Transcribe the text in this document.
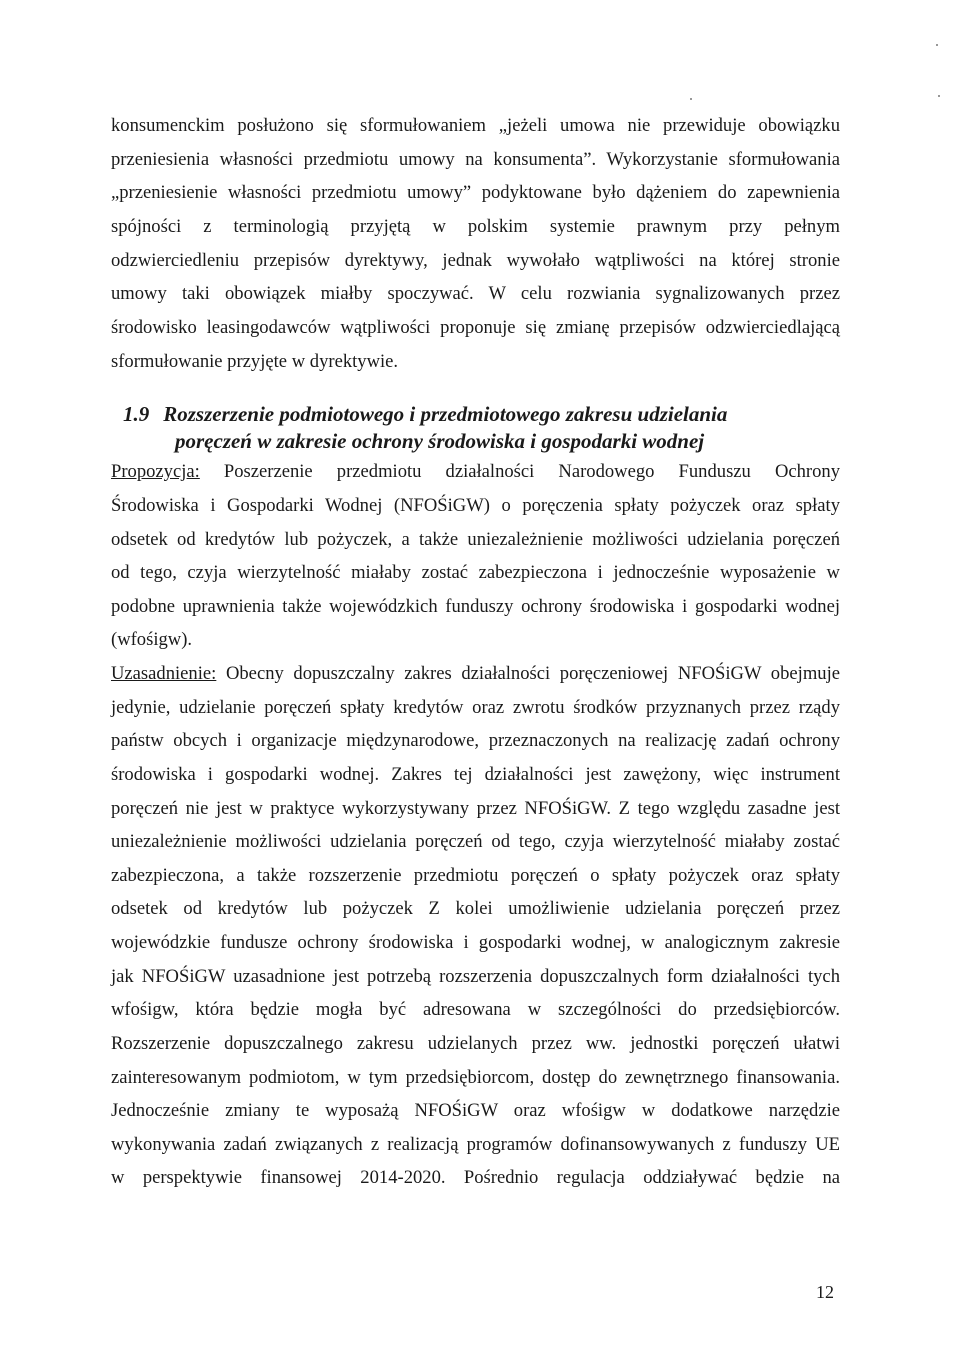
konsumenckim posłużono się sformułowaniem „jeżeli umowa nie przewiduje obowiązku
przeniesienia własności przedmiotu umowy na konsumenta”. Wykorzystanie sformułowania
„przeniesienie własności przedmiotu umowy” podyktowane było dążeniem do zapewnienia
spójności z terminologią przyjętą w polskim systemie prawnym przy pełnym
odzwierciedleniu przepisów dyrektywy, jednak wywołało wątpliwości na której stronie
umowy taki obowiązek miałby spoczywać. W celu rozwiania sygnalizowanych przez
środowisko leasingodawców wątpliwości proponuje się zmianę przepisów odzwierciedlającą
sformułowanie przyjęte w dyrektywie.
1.9 Rozszerzenie podmiotowego i przedmiotowego zakresu udzielania
poręczeń w zakresie ochrony środowiska i gospodarki wodnej
Propozycja: Poszerzenie przedmiotu działalności Narodowego Funduszu Ochrony
Środowiska i Gospodarki Wodnej (NFOŚiGW) o poręczenia spłaty pożyczek oraz spłaty
odsetek od kredytów lub pożyczek, a także uniezależnienie możliwości udzielania poręczeń
od tego, czyja wierzytelność miałaby zostać zabezpieczona i jednocześnie wyposażenie w
podobne uprawnienia także wojewódzkich funduszy ochrony środowiska i gospodarki wodnej
(wfośigw).
Uzasadnienie: Obecny dopuszczalny zakres działalności poręczeniowej NFOŚiGW obejmuje
jedynie, udzielanie poręczeń spłaty kredytów oraz zwrotu środków przyznanych przez rządy
państw obcych i organizacje międzynarodowe, przeznaczonych na realizację zadań ochrony
środowiska i gospodarki wodnej. Zakres tej działalności jest zawężony, więc instrument
poręczeń nie jest w praktyce wykorzystywany przez NFOŚiGW. Z tego względu zasadne jest
uniezależnienie możliwości udzielania poręczeń od tego, czyja wierzytelność miałaby zostać
zabezpieczona, a także rozszerzenie przedmiotu poręczeń o spłaty pożyczek oraz spłaty
odsetek od kredytów lub pożyczek Z kolei umożliwienie udzielania poręczeń przez
wojewódzkie fundusze ochrony środowiska i gospodarki wodnej, w analogicznym zakresie
jak NFOŚiGW uzasadnione jest potrzebą rozszerzenia dopuszczalnych form działalności tych
wfośigw, która będzie mogła być adresowana w szczególności do przedsiębiorców.
Rozszerzenie dopuszczalnego zakresu udzielanych przez ww. jednostki poręczeń ułatwi
zainteresowanym podmiotom, w tym przedsiębiorcom, dostęp do zewnętrznego finansowania.
Jednocześnie zmiany te wyposażą NFOŚiGW oraz wfośigw w dodatkowe narzędzie
wykonywania zadań związanych z realizacją programów dofinansowywanych z funduszy UE
w perspektywie finansowej 2014-2020. Pośrednio regulacja oddziaływać będzie na
12
